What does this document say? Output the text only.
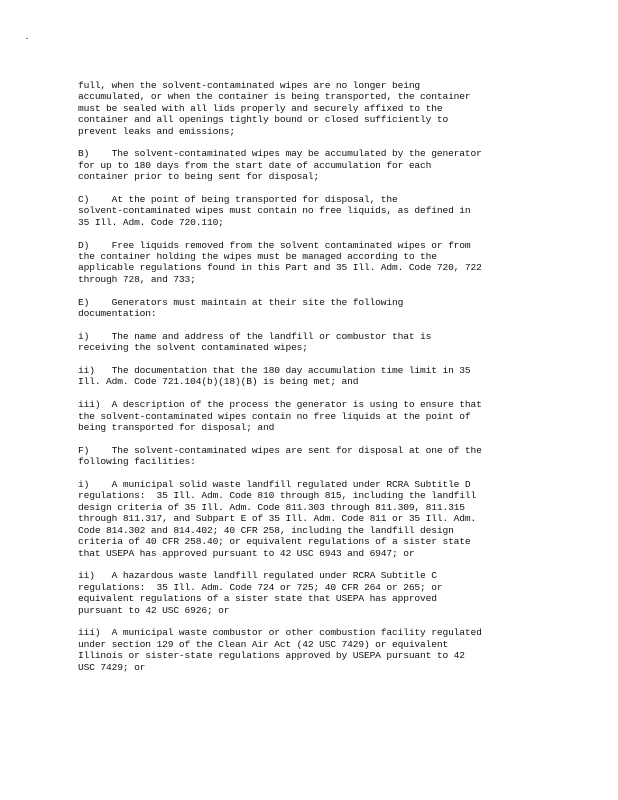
full, when the solvent-contaminated wipes are no longer being
accumulated, or when the container is being transported, the container
must be sealed with all lids properly and securely affixed to the
container and all openings tightly bound or closed sufficiently to
prevent leaks and emissions;

B)    The solvent-contaminated wipes may be accumulated by the generator
for up to 180 days from the start date of accumulation for each
container prior to being sent for disposal;

C)    At the point of being transported for disposal, the
solvent-contaminated wipes must contain no free liquids, as defined in
35 Ill. Adm. Code 720.110;

D)    Free liquids removed from the solvent contaminated wipes or from
the container holding the wipes must be managed according to the
applicable regulations found in this Part and 35 Ill. Adm. Code 720, 722
through 728, and 733;

E)    Generators must maintain at their site the following
documentation:

i)    The name and address of the landfill or combustor that is
receiving the solvent contaminated wipes;

ii)   The documentation that the 180 day accumulation time limit in 35
Ill. Adm. Code 721.104(b)(18)(B) is being met; and

iii)  A description of the process the generator is using to ensure that
the solvent-contaminated wipes contain no free liquids at the point of
being transported for disposal; and

F)    The solvent-contaminated wipes are sent for disposal at one of the
following facilities:

i)    A municipal solid waste landfill regulated under RCRA Subtitle D
regulations:  35 Ill. Adm. Code 810 through 815, including the landfill
design criteria of 35 Ill. Adm. Code 811.303 through 811.309, 811.315
through 811.317, and Subpart E of 35 Ill. Adm. Code 811 or 35 Ill. Adm.
Code 814.302 and 814.402; 40 CFR 258, including the landfill design
criteria of 40 CFR 258.40; or equivalent regulations of a sister state
that USEPA has approved pursuant to 42 USC 6943 and 6947; or

ii)   A hazardous waste landfill regulated under RCRA Subtitle C
regulations:  35 Ill. Adm. Code 724 or 725; 40 CFR 264 or 265; or
equivalent regulations of a sister state that USEPA has approved
pursuant to 42 USC 6926; or

iii)  A municipal waste combustor or other combustion facility regulated
under section 129 of the Clean Air Act (42 USC 7429) or equivalent
Illinois or sister-state regulations approved by USEPA pursuant to 42
USC 7429; or
